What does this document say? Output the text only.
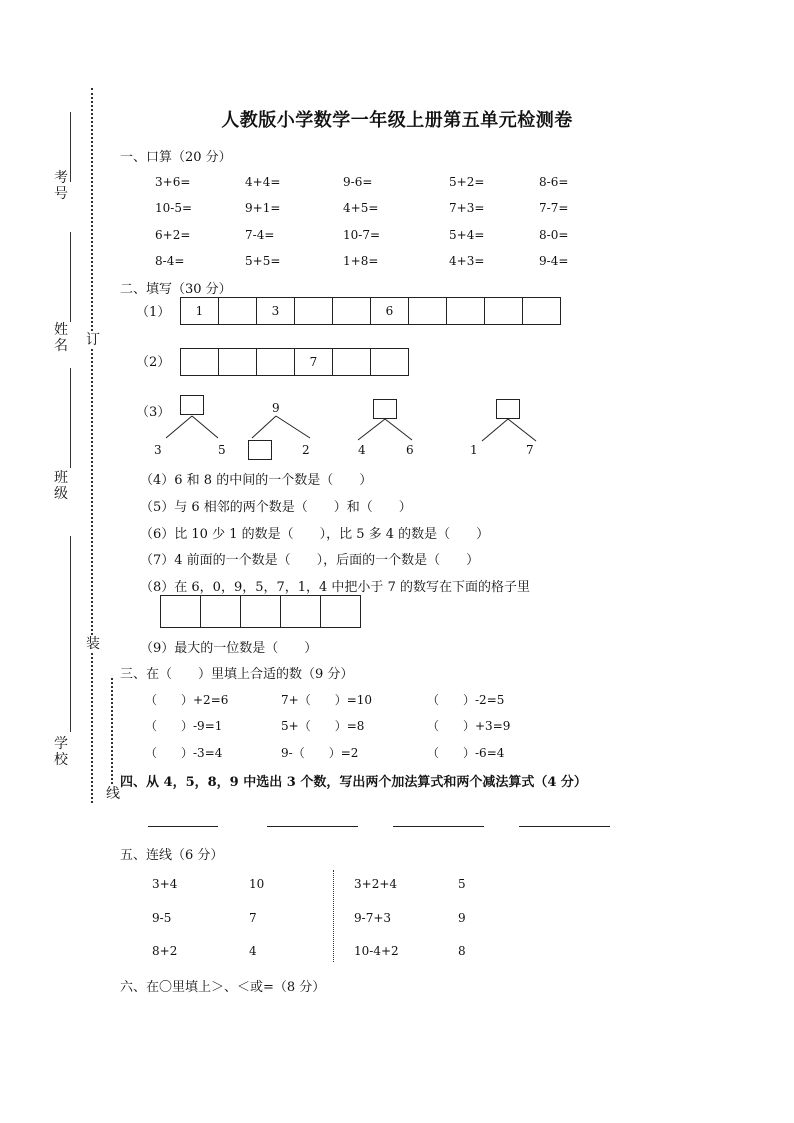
考
号
姓
名
班
级
学
校
订
装
线
人教版小学数学一年级上册第五单元检测卷
一、口算（20 分）
3+6=	4+4=	9-6=	5+2=	8-6=
10-5=	9+1=	4+5=	7+3=	7-7=
6+2=	7-4=	10-7=	5+4=	8-0=
8-4=	5+5=	1+8=	4+3=	9-4=
二、填写（30 分）
（1）	1	3	6
（2）	7
（3）
3	5
9
2	4	6	1	7
（4）6 和 8 的中间的一个数是（　　）
（5）与 6 相邻的两个数是（　　）和（　　）
（6）比 10 少 1 的数是（　　），比 5 多 4 的数是（　　）
（7）4 前面的一个数是（　　），后面的一个数是（　　）
（8）在 6，0，9，5，7，1，4 中把小于 7 的数写在下面的格子里
（9）最大的一位数是（　　）
三、在（　　）里填上合适的数（9 分）
（　　）+2=6	7+（　　）=10	（　　）-2=5
（　　）-9=1	5+（　　）=8	（　　）+3=9
（　　）-3=4	9-（　　）=2	（　　）-6=4
四、从 4，5，8，9 中选出 3 个数，写出两个加法算式和两个减法算式（4 分）
五、连线（6 分）
3+4	10
9-5	7
8+2	4
3+2+4	5
9-7+3	9
10-4+2	8
六、在〇里填上＞、＜或=（8 分）
